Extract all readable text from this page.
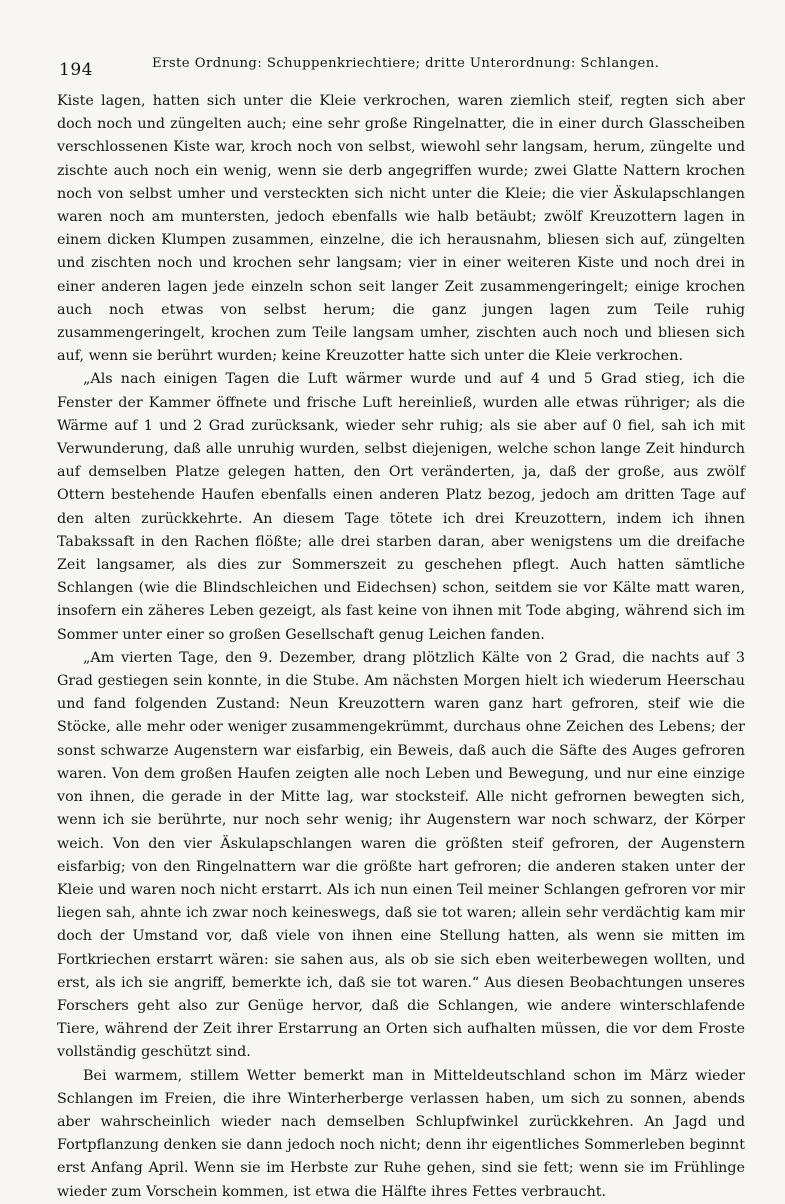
194	Erste Ordnung: Schuppenkriechtiere; dritte Unterordnung: Schlangen.

Kiste lagen, hatten sich unter die Kleie verkrochen, waren ziemlich steif, regten sich aber doch noch und züngelten auch; eine sehr große Ringelnatter, die in einer durch Glasscheiben verschlossenen Kiste war, kroch noch von selbst, wiewohl sehr langsam, herum, züngelte und zischte auch noch ein wenig, wenn sie derb angegriffen wurde; zwei Glatte Nattern krochen noch von selbst umher und versteckten sich nicht unter die Kleie; die vier Äskulapschlangen waren noch am muntersten, jedoch ebenfalls wie halb betäubt; zwölf Kreuzottern lagen in einem dicken Klumpen zusammen, einzelne, die ich herausnahm, bliesen sich auf, züngelten und zischten noch und krochen sehr langsam; vier in einer weiteren Kiste und noch drei in einer anderen lagen jede einzeln schon seit langer Zeit zusammengeringelt; einige krochen auch noch etwas von selbst herum; die ganz jungen lagen zum Teile ruhig zusammengeringelt, krochen zum Teile langsam umher, zischten auch noch und bliesen sich auf, wenn sie berührt wurden; keine Kreuzotter hatte sich unter die Kleie verkrochen.

„Als nach einigen Tagen die Luft wärmer wurde und auf 4 und 5 Grad stieg, ich die Fenster der Kammer öffnete und frische Luft hereinließ, wurden alle etwas rühriger; als die Wärme auf 1 und 2 Grad zurücksank, wieder sehr ruhig; als sie aber auf 0 fiel, sah ich mit Verwunderung, daß alle unruhig wurden, selbst diejenigen, welche schon lange Zeit hindurch auf demselben Platze gelegen hatten, den Ort veränderten, ja, daß der große, aus zwölf Ottern bestehende Haufen ebenfalls einen anderen Platz bezog, jedoch am dritten Tage auf den alten zurückkehrte. An diesem Tage tötete ich drei Kreuzottern, indem ich ihnen Tabakssaft in den Rachen flößte; alle drei starben daran, aber wenigstens um die dreifache Zeit langsamer, als dies zur Sommerszeit zu geschehen pflegt. Auch hatten sämtliche Schlangen (wie die Blindschleichen und Eidechsen) schon, seitdem sie vor Kälte matt waren, insofern ein zäheres Leben gezeigt, als fast keine von ihnen mit Tode abging, während sich im Sommer unter einer so großen Gesellschaft genug Leichen fanden.

„Am vierten Tage, den 9. Dezember, drang plötzlich Kälte von 2 Grad, die nachts auf 3 Grad gestiegen sein konnte, in die Stube. Am nächsten Morgen hielt ich wiederum Heerschau und fand folgenden Zustand: Neun Kreuzottern waren ganz hart gefroren, steif wie die Stöcke, alle mehr oder weniger zusammengekrümmt, durchaus ohne Zeichen des Lebens; der sonst schwarze Augenstern war eisfarbig, ein Beweis, daß auch die Säfte des Auges gefroren waren. Von dem großen Haufen zeigten alle noch Leben und Bewegung, und nur eine einzige von ihnen, die gerade in der Mitte lag, war stocksteif. Alle nicht gefrornen bewegten sich, wenn ich sie berührte, nur noch sehr wenig; ihr Augenstern war noch schwarz, der Körper weich. Von den vier Äskulapschlangen waren die größten steif gefroren, der Augenstern eisfarbig; von den Ringelnattern war die größte hart gefroren; die anderen staken unter der Kleie und waren noch nicht erstarrt. Als ich nun einen Teil meiner Schlangen gefroren vor mir liegen sah, ahnte ich zwar noch keineswegs, daß sie tot waren; allein sehr verdächtig kam mir doch der Umstand vor, daß viele von ihnen eine Stellung hatten, als wenn sie mitten im Fortkriechen erstarrt wären: sie sahen aus, als ob sie sich eben weiterbewegen wollten, und erst, als ich sie angriff, bemerkte ich, daß sie tot waren.“ Aus diesen Beobachtungen unseres Forschers geht also zur Genüge hervor, daß die Schlangen, wie andere winterschlafende Tiere, während der Zeit ihrer Erstarrung an Orten sich aufhalten müssen, die vor dem Froste vollständig geschützt sind.

Bei warmem, stillem Wetter bemerkt man in Mitteldeutschland schon im März wieder Schlangen im Freien, die ihre Winterherberge verlassen haben, um sich zu sonnen, abends aber wahrscheinlich wieder nach demselben Schlupfwinkel zurückkehren. An Jagd und Fortpflanzung denken sie dann jedoch noch nicht; denn ihr eigentliches Sommerleben beginnt erst Anfang April. Wenn sie im Herbste zur Ruhe gehen, sind sie fett; wenn sie im Frühlinge wieder zum Vorschein kommen, ist etwa die Hälfte ihres Fettes verbraucht.
